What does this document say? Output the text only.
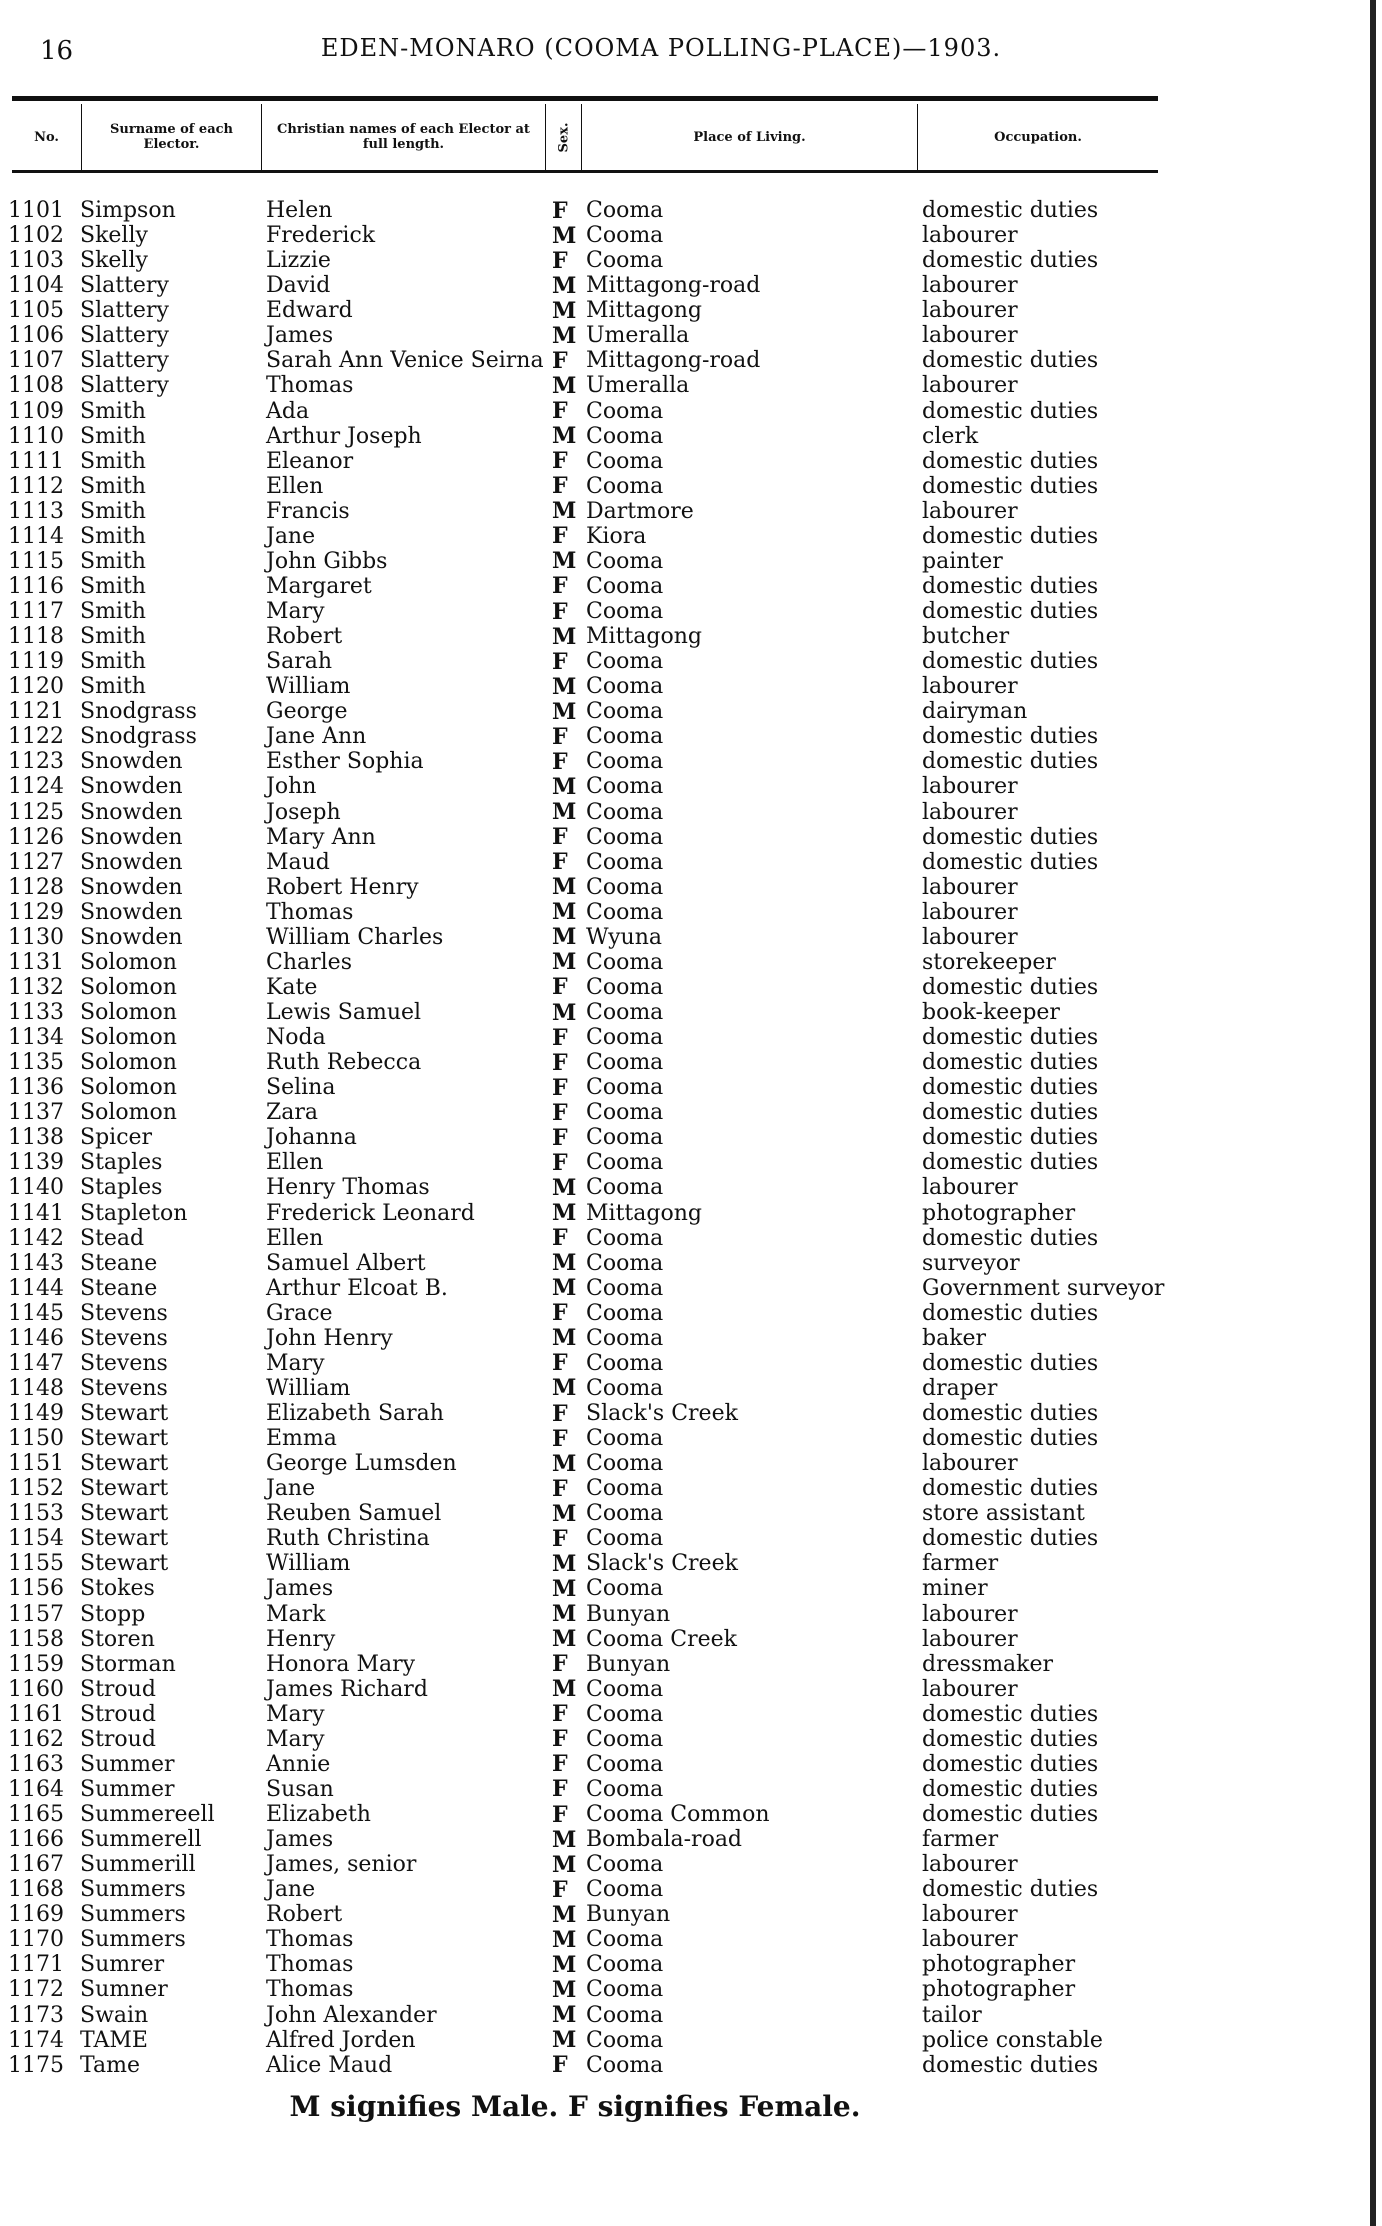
16	EDEN-MONARO (COOMA POLLING-PLACE)—1903.
No.	Surname of each Elector.
Christian names of each Elector at full length.	Sex.	Place of Living.	Occupation.
1101 Simpson	Helen	F Cooma	domestic duties
1102 Skelly	Frederick	M Cooma	labourer
1103 Skelly	Lizzie	F Cooma	domestic duties
1104 Slattery	David	M Mittagong-road	labourer
1105 Slattery	Edward	M Mittagong	labourer
1106 Slattery	James	M Umeralla	labourer
1107 Slattery	Sarah Ann Venice Seirna F Mittagong-road	domestic duties
1108 Slattery	Thomas	M Umeralla	labourer
1109 Smith	Ada	F Cooma	domestic duties
1110 Smith	Arthur Joseph	M Cooma	clerk
1111 Smith	Eleanor	F Cooma	domestic duties
1112 Smith	Ellen	F Cooma	domestic duties
1113 Smith	Francis	M Dartmore	labourer
1114 Smith	Jane	F Kiora	domestic duties
1115 Smith	John Gibbs	M Cooma	painter
1116 Smith	Margaret	F Cooma	domestic duties
1117 Smith	Mary	F Cooma	domestic duties
1118 Smith	Robert	M Mittagong	butcher
1119 Smith	Sarah	F Cooma	domestic duties
1120 Smith	William	M Cooma	labourer
1121 Snodgrass	George	M Cooma	dairyman
1122 Snodgrass	Jane Ann	F Cooma	domestic duties
1123 Snowden	Esther Sophia	F Cooma	domestic duties
1124 Snowden	John	M Cooma	labourer
1125 Snowden	Joseph	M Cooma	labourer
1126 Snowden	Mary Ann	F Cooma	domestic duties
1127 Snowden	Maud	F Cooma	domestic duties
1128 Snowden	Robert Henry	M Cooma	labourer
1129 Snowden	Thomas	M Cooma	labourer
1130 Snowden	William Charles	M Wyuna	labourer
1131 Solomon	Charles	M Cooma	storekeeper
1132 Solomon	Kate	F Cooma	domestic duties
1133 Solomon	Lewis Samuel	M Cooma	book-keeper
1134 Solomon	Noda	F Cooma	domestic duties
1135 Solomon	Ruth Rebecca	F Cooma	domestic duties
1136 Solomon	Selina	F Cooma	domestic duties
1137 Solomon	Zara	F Cooma	domestic duties
1138 Spicer	Johanna	F Cooma	domestic duties
1139 Staples	Ellen	F Cooma	domestic duties
1140 Staples	Henry Thomas	M Cooma	labourer
1141 Stapleton	Frederick Leonard	M Mittagong	photographer
1142 Stead	Ellen	F Cooma	domestic duties
1143 Steane	Samuel Albert	M Cooma	surveyor
1144 Steane	Arthur Elcoat B.	M Cooma	Government surveyor
1145 Stevens	Grace	F Cooma	domestic duties
1146 Stevens	John Henry	M Cooma	baker
1147 Stevens	Mary	F Cooma	domestic duties
1148 Stevens	William	M Cooma	draper
1149 Stewart	Elizabeth Sarah	F Slack's Creek	domestic duties
1150 Stewart	Emma	F Cooma	domestic duties
1151 Stewart	George Lumsden	M Cooma	labourer
1152 Stewart	Jane	F Cooma	domestic duties
1153 Stewart	Reuben Samuel	M Cooma	store assistant
1154 Stewart	Ruth Christina	F Cooma	domestic duties
1155 Stewart	William	M Slack's Creek	farmer
1156 Stokes	James	M Cooma	miner
1157 Stopp	Mark	M Bunyan	labourer
1158 Storen	Henry	M Cooma Creek	labourer
1159 Storman	Honora Mary	F Bunyan	dressmaker
1160 Stroud	James Richard	M Cooma	labourer
1161 Stroud	Mary	F Cooma	domestic duties
1162 Stroud	Mary	F Cooma	domestic duties
1163 Summer	Annie	F Cooma	domestic duties
1164 Summer	Susan	F Cooma	domestic duties
1165 Summereell	Elizabeth	F Cooma Common	domestic duties
1166 Summerell	James	M Bombala-road	farmer
1167 Summerill	James, senior	M Cooma	labourer
1168 Summers	Jane	F Cooma	domestic duties
1169 Summers	Robert	M Bunyan	labourer
1170 Summers	Thomas	M Cooma	labourer
1171 Sumrer	Thomas	M Cooma	photographer
1172 Sumner	Thomas	M Cooma	photographer
1173 Swain	John Alexander	M Cooma	tailor
1174 TAME	Alfred Jorden	M Cooma	police constable
1175 Tame	Alice Maud	F Cooma	domestic duties
M signifies Male. F signifies Female.
